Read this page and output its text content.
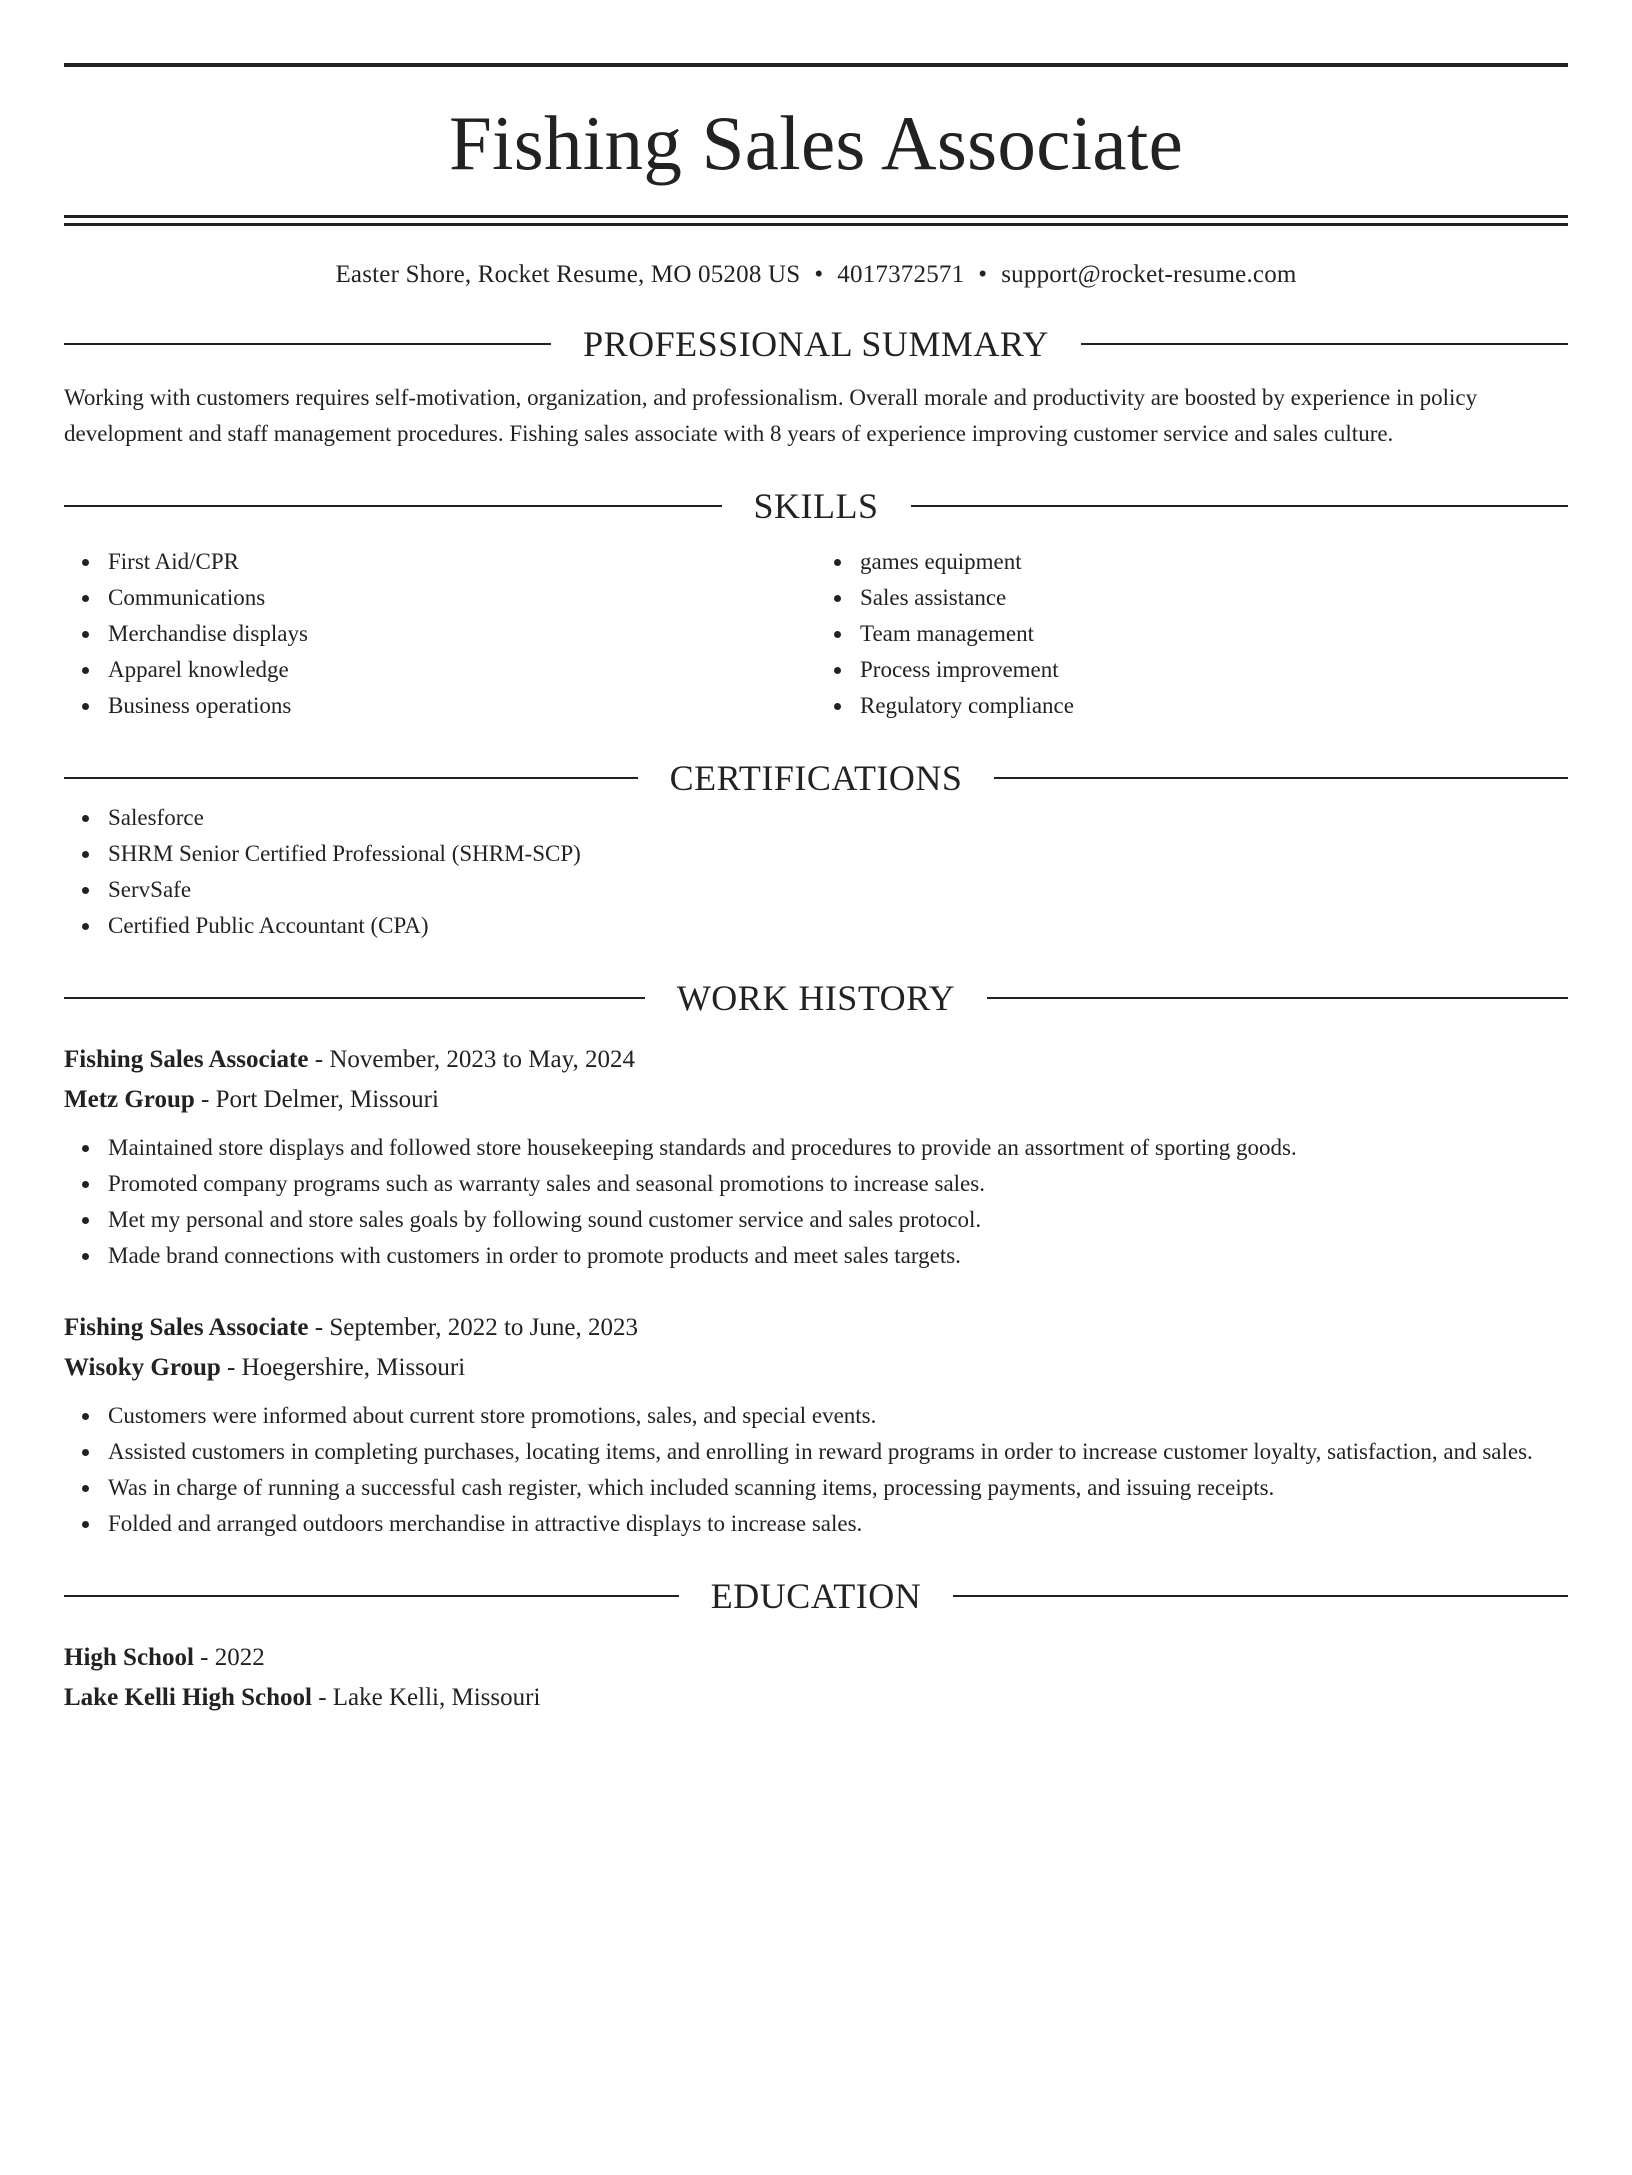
Fishing Sales Associate
Easter Shore, Rocket Resume, MO 05208 US • 4017372571 • support@rocket-resume.com
PROFESSIONAL SUMMARY
Working with customers requires self-motivation, organization, and professionalism. Overall morale and productivity are boosted by experience in policy development and staff management procedures. Fishing sales associate with 8 years of experience improving customer service and sales culture.
SKILLS
First Aid/CPR
Communications
Merchandise displays
Apparel knowledge
Business operations
games equipment
Sales assistance
Team management
Process improvement
Regulatory compliance
CERTIFICATIONS
Salesforce
SHRM Senior Certified Professional (SHRM-SCP)
ServSafe
Certified Public Accountant (CPA)
WORK HISTORY
Fishing Sales Associate - November, 2023 to May, 2024
Metz Group - Port Delmer, Missouri
Maintained store displays and followed store housekeeping standards and procedures to provide an assortment of sporting goods.
Promoted company programs such as warranty sales and seasonal promotions to increase sales.
Met my personal and store sales goals by following sound customer service and sales protocol.
Made brand connections with customers in order to promote products and meet sales targets.
Fishing Sales Associate - September, 2022 to June, 2023
Wisoky Group - Hoegershire, Missouri
Customers were informed about current store promotions, sales, and special events.
Assisted customers in completing purchases, locating items, and enrolling in reward programs in order to increase customer loyalty, satisfaction, and sales.
Was in charge of running a successful cash register, which included scanning items, processing payments, and issuing receipts.
Folded and arranged outdoors merchandise in attractive displays to increase sales.
EDUCATION
High School - 2022
Lake Kelli High School - Lake Kelli, Missouri
